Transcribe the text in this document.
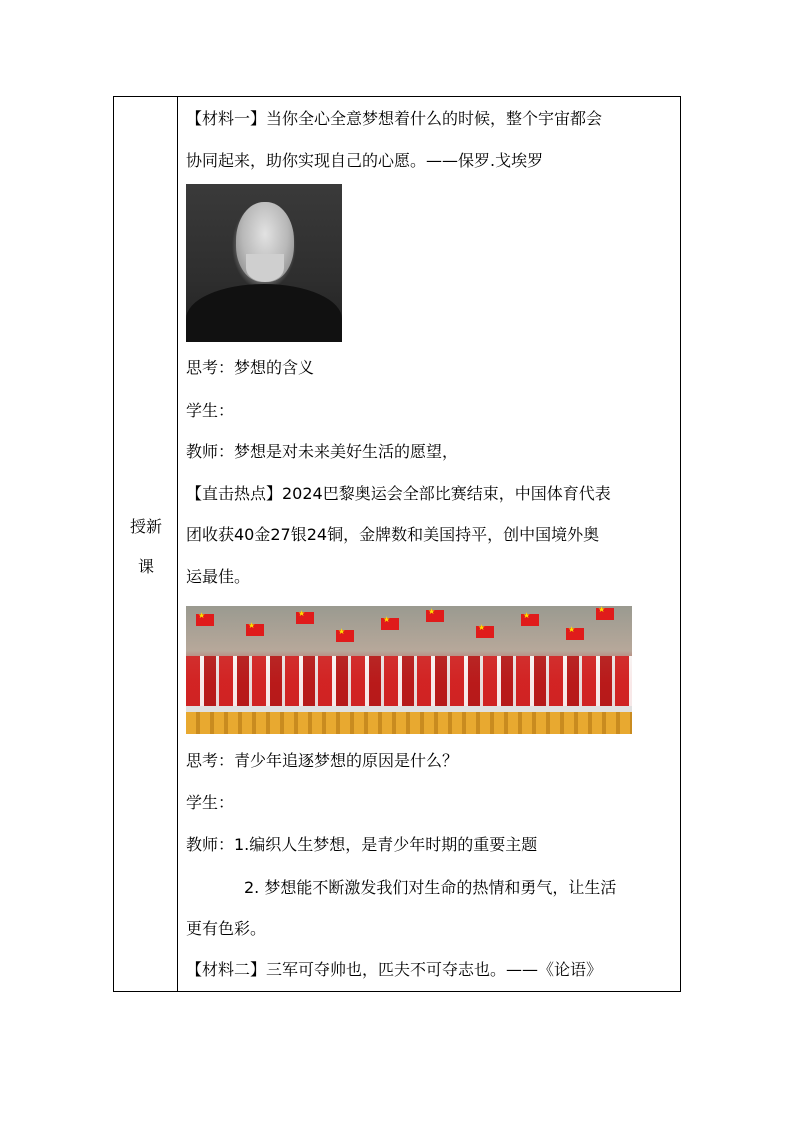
授新
课
【材料一】当你全心全意梦想着什么的时候，整个宇宙都会
协同起来，助你实现自己的心愿。——保罗.戈埃罗
思考：梦想的含义
学生：
教师：梦想是对未来美好生活的愿望，
【直击热点】2024巴黎奥运会全部比赛结束，中国体育代表
团收获40金27银24铜，金牌数和美国持平，创中国境外奥
运最佳。
★
★
★
★
★
★
★
★
★
★
思考：青少年追逐梦想的原因是什么？
学生：
教师：1.编织人生梦想，是青少年时期的重要主题
2. 梦想能不断激发我们对生命的热情和勇气，让生活
更有色彩。
【材料二】三军可夺帅也，匹夫不可夺志也。——《论语》
